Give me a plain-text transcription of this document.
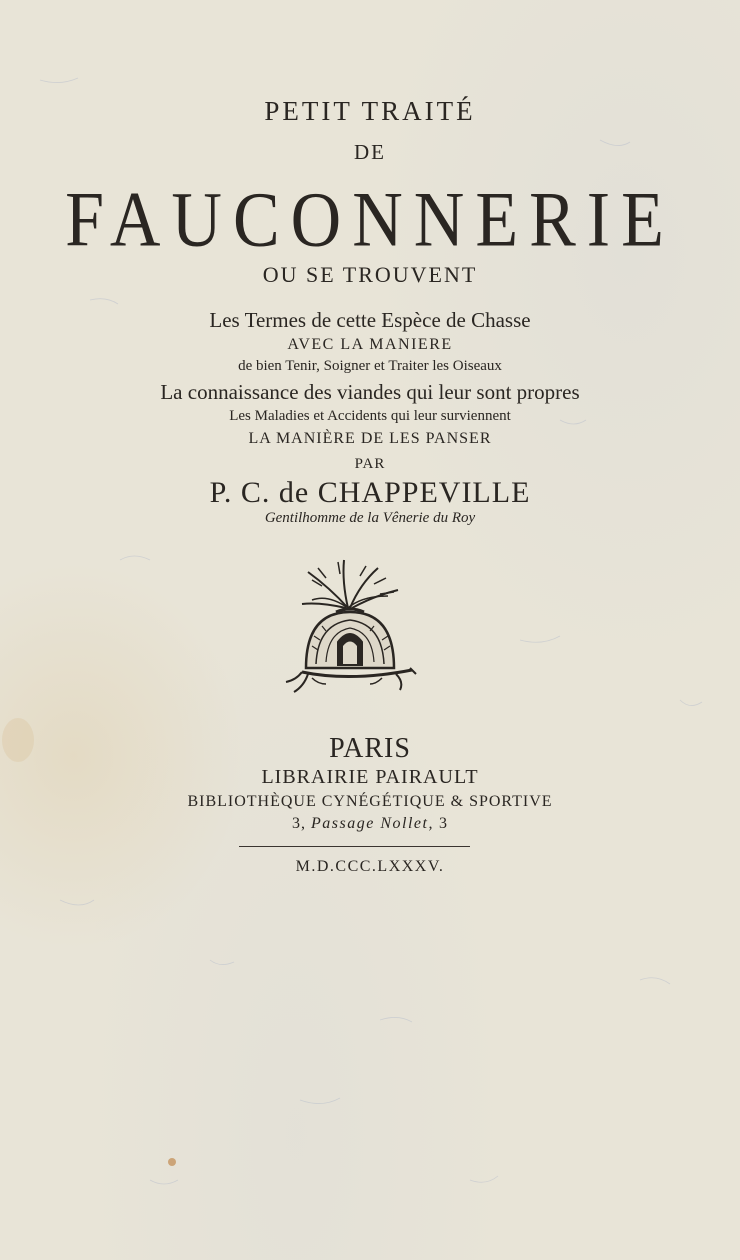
PETIT TRAITÉ
DE
FAUCONNERIE
OU SE TROUVENT
Les Termes de cette Espèce de Chasse
AVEC LA MANIERE
de bien Tenir, Soigner et Traiter les Oiseaux
La connaissance des viandes qui leur sont propres
Les Maladies et Accidents qui leur surviennent
LA MANIÈRE DE LES PANSER
PAR
P. C. de CHAPPEVILLE
Gentilhomme de la Vênerie du Roy
PARIS
LIBRAIRIE PAIRAULT
BIBLIOTHÈQUE CYNÉGÉTIQUE & SPORTIVE
3, Passage Nollet, 3
M.D.CCC.LXXXV.
